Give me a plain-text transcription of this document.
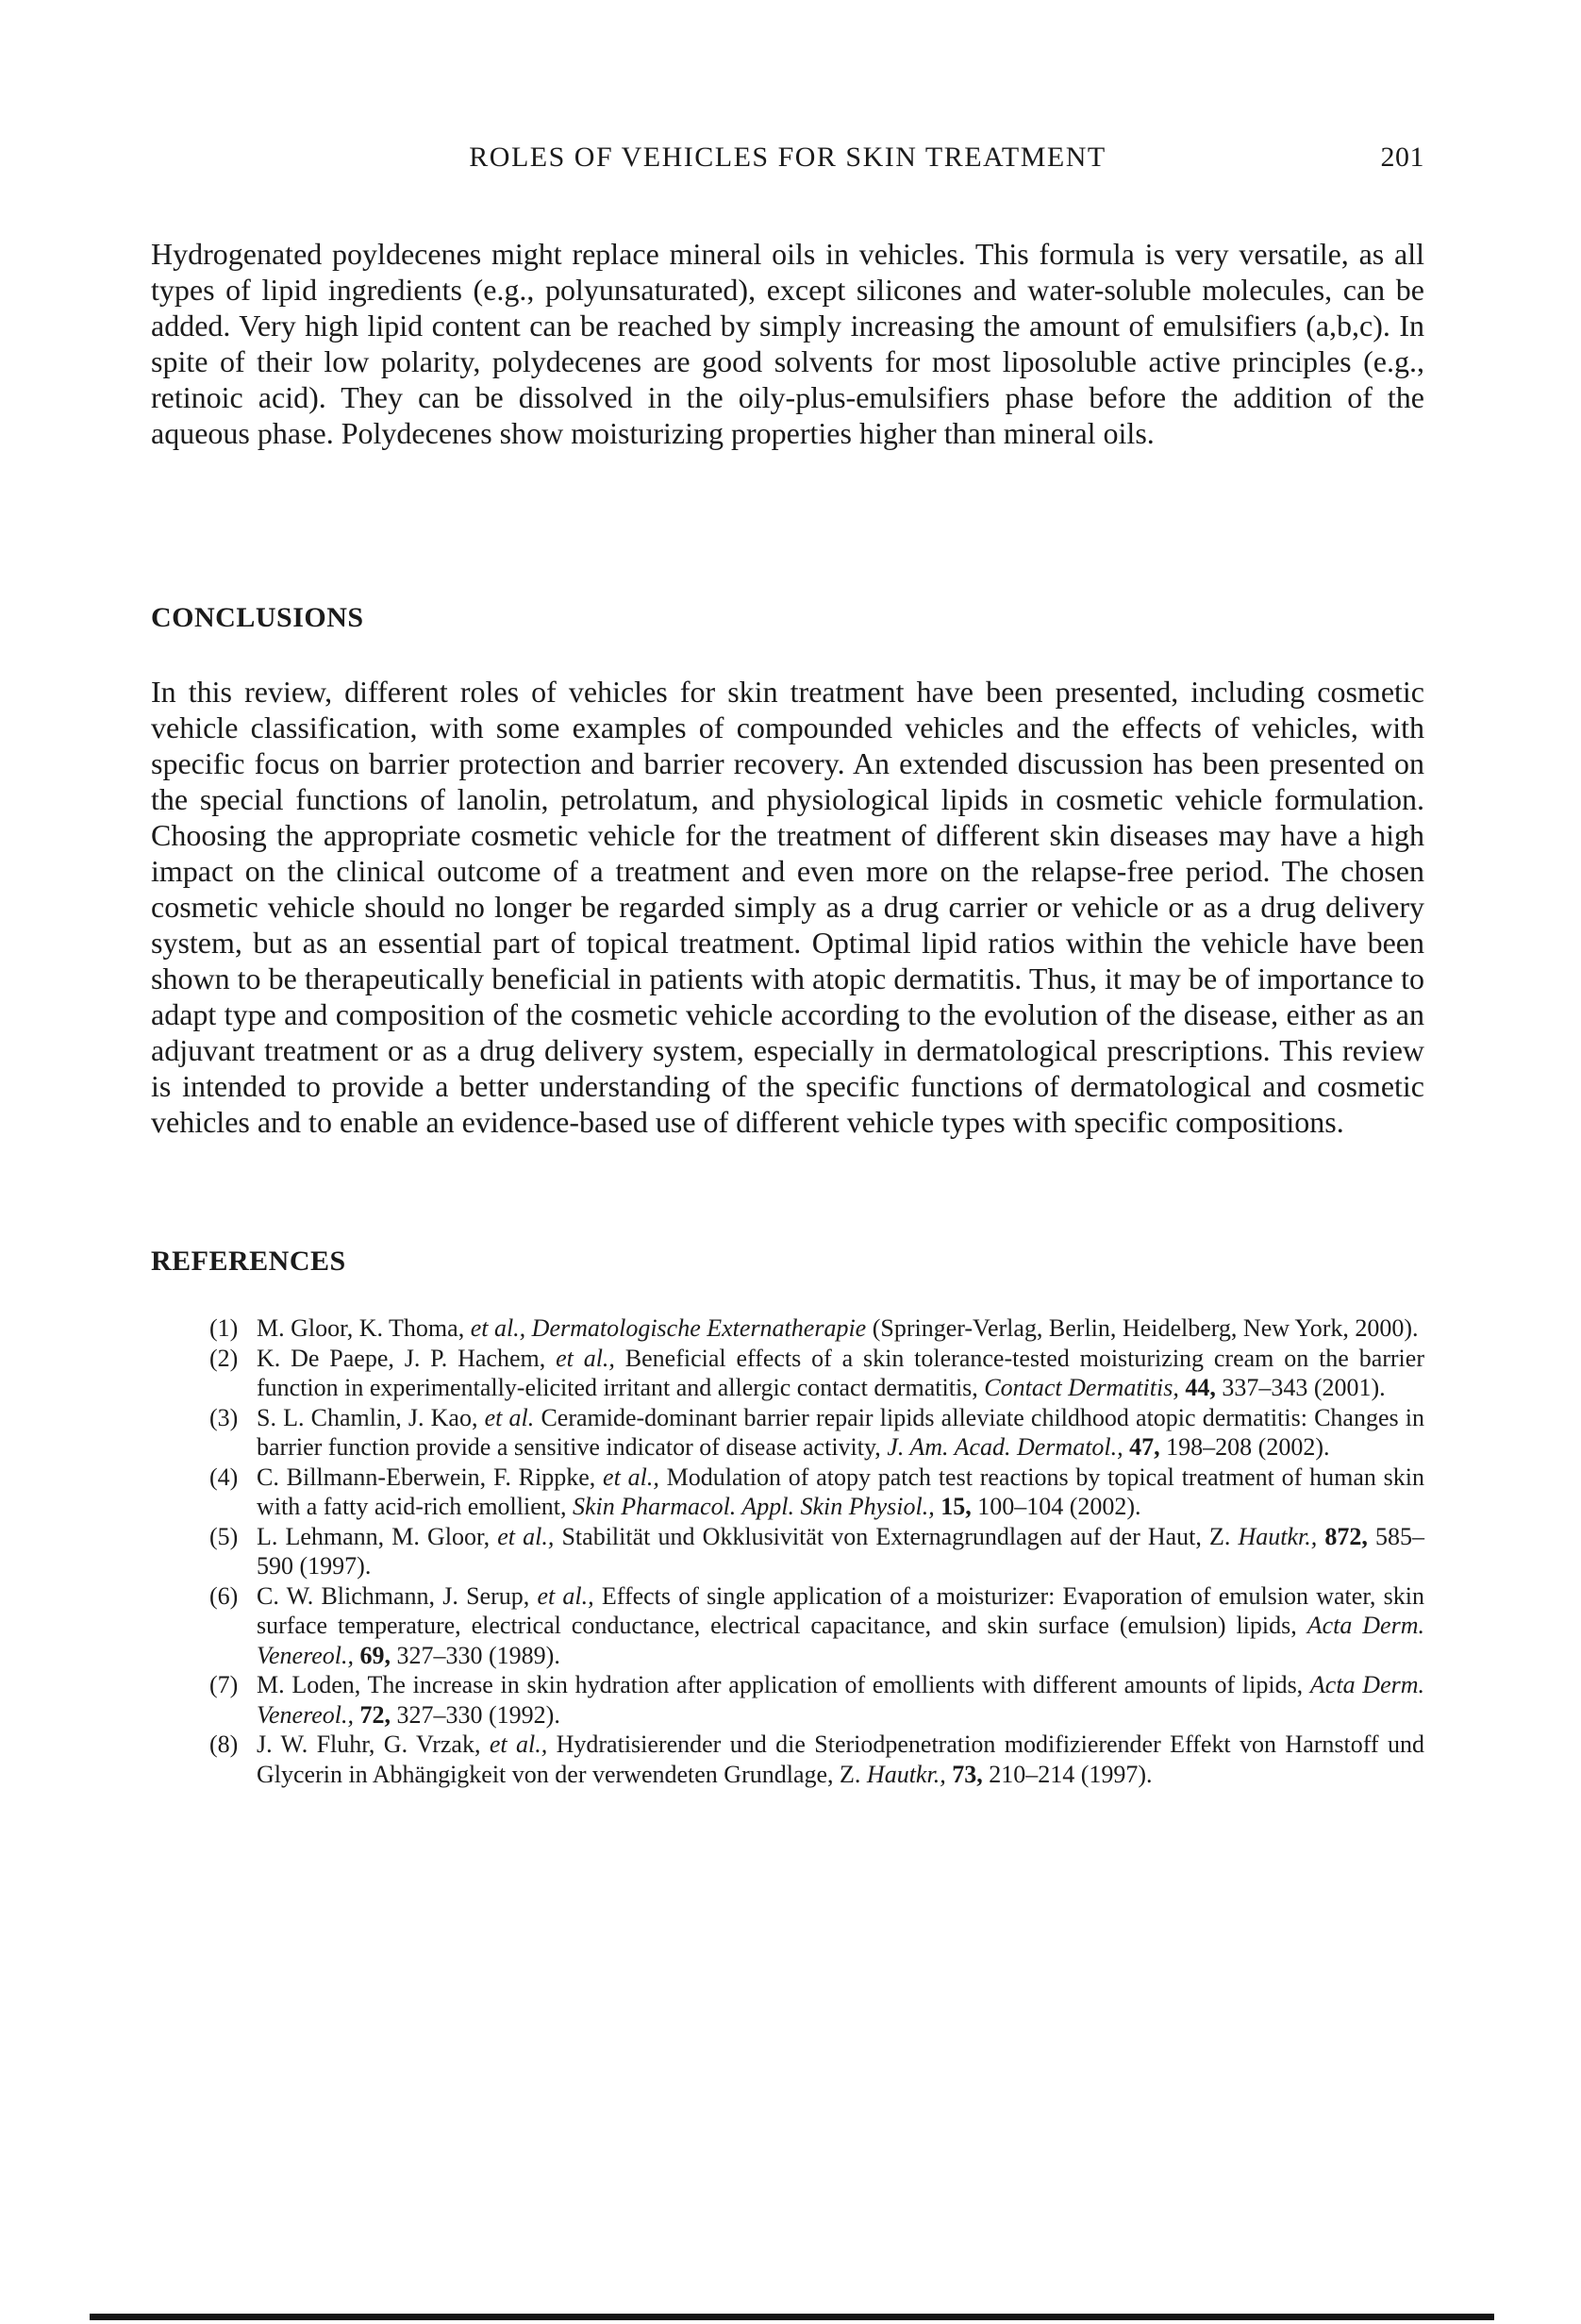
ROLES OF VEHICLES FOR SKIN TREATMENT	201

Hydrogenated poyldecenes might replace mineral oils in vehicles. This formula is very versatile, as all types of lipid ingredients (e.g., polyunsaturated), except silicones and water-soluble molecules, can be added. Very high lipid content can be reached by simply increasing the amount of emulsifiers (a,b,c). In spite of their low polarity, polydecenes are good solvents for most liposoluble active principles (e.g., retinoic acid). They can be dissolved in the oily-plus-emulsifiers phase before the addition of the aqueous phase. Polydecenes show moisturizing properties higher than mineral oils.

CONCLUSIONS

In this review, different roles of vehicles for skin treatment have been presented, including cosmetic vehicle classification, with some examples of compounded vehicles and the effects of vehicles, with specific focus on barrier protection and barrier recovery. An extended discussion has been presented on the special functions of lanolin, petrolatum, and physiological lipids in cosmetic vehicle formulation. Choosing the appropriate cosmetic vehicle for the treatment of different skin diseases may have a high impact on the clinical outcome of a treatment and even more on the relapse-free period. The chosen cosmetic vehicle should no longer be regarded simply as a drug carrier or vehicle or as a drug delivery system, but as an essential part of topical treatment. Optimal lipid ratios within the vehicle have been shown to be therapeutically beneficial in patients with atopic dermatitis. Thus, it may be of importance to adapt type and composition of the cosmetic vehicle according to the evolution of the disease, either as an adjuvant treatment or as a drug delivery system, especially in dermatological prescriptions. This review is intended to provide a better understanding of the specific functions of dermatological and cosmetic vehicles and to enable an evidence-based use of different vehicle types with specific compositions.

REFERENCES
(1) M. Gloor, K. Thoma, et al., Dermatologische Externatherapie (Springer-Verlag, Berlin, Heidelberg, New York, 2000).
(2) K. De Paepe, J. P. Hachem, et al., Beneficial effects of a skin tolerance-tested moisturizing cream on the barrier function in experimentally-elicited irritant and allergic contact dermatitis, Contact Dermatitis, 44, 337–343 (2001).
(3) S. L. Chamlin, J. Kao, et al. Ceramide-dominant barrier repair lipids alleviate childhood atopic dermatitis: Changes in barrier function provide a sensitive indicator of disease activity, J. Am. Acad. Dermatol., 47, 198–208 (2002).
(4) C. Billmann-Eberwein, F. Rippke, et al., Modulation of atopy patch test reactions by topical treatment of human skin with a fatty acid-rich emollient, Skin Pharmacol. Appl. Skin Physiol., 15, 100–104 (2002).
(5) L. Lehmann, M. Gloor, et al., Stabilität und Okklusivität von Externagrundlagen auf der Haut, Z. Hautkr., 872, 585–590 (1997).
(6) C. W. Blichmann, J. Serup, et al., Effects of single application of a moisturizer: Evaporation of emulsion water, skin surface temperature, electrical conductance, electrical capacitance, and skin surface (emulsion) lipids, Acta Derm. Venereol., 69, 327–330 (1989).
(7) M. Loden, The increase in skin hydration after application of emollients with different amounts of lipids, Acta Derm. Venereol., 72, 327–330 (1992).
(8) J. W. Fluhr, G. Vrzak, et al., Hydratisierender und die Steriodpenetration modifizierender Effekt von Harnstoff und Glycerin in Abhängigkeit von der verwendeten Grundlage, Z. Hautkr., 73, 210–214 (1997).
